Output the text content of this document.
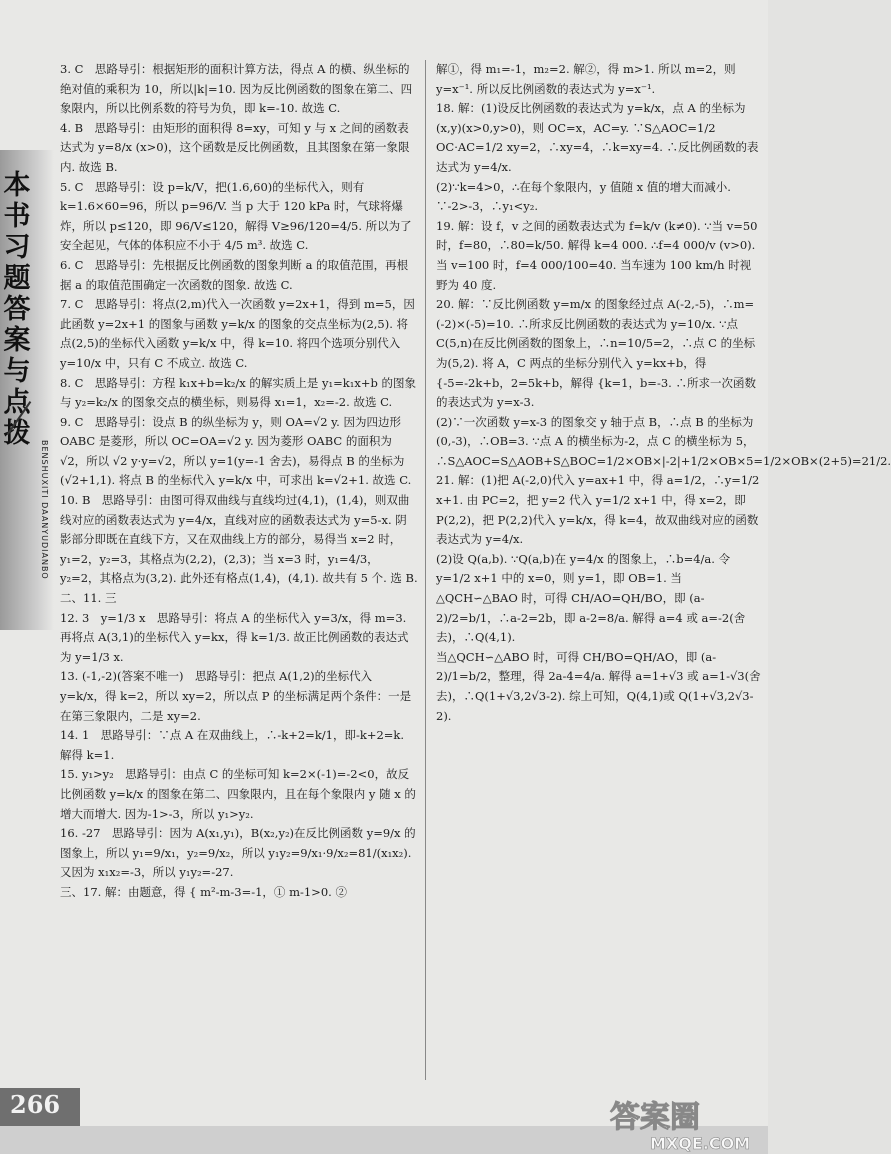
本
书
习
题
答
案
与
点
拨
BENSHUXITI DAANYUDIANBO

3. C　思路导引：根据矩形的面积计算方法，得点 A 的横、纵坐标的绝对值的乘积为 10，所以|k|=10. 因为反比例函数的图象在第二、四象限内，所以比例系数的符号为负，即 k=-10. 故选 C.

4. B　思路导引：由矩形的面积得 8=xy，可知 y 与 x 之间的函数表达式为 y=8/x (x>0)，这个函数是反比例函数，且其图象在第一象限内. 故选 B.

5. C　思路导引：设 p=k/V，把(1.6,60)的坐标代入，则有 k=1.6×60=96，所以 p=96/V. 当 p 大于 120 kPa 时，气球将爆炸，所以 p≤120，即 96/V≤120，解得 V≥96/120=4/5. 所以为了安全起见，气体的体积应不小于 4/5 m³. 故选 C.

6. C　思路导引：先根据反比例函数的图象判断 a 的取值范围，再根据 a 的取值范围确定一次函数的图象. 故选 C.

7. C　思路导引：将点(2,m)代入一次函数 y=2x+1，得到 m=5，因此函数 y=2x+1 的图象与函数 y=k/x 的图象的交点坐标为(2,5). 将点(2,5)的坐标代入函数 y=k/x 中，得 k=10. 将四个选项分别代入 y=10/x 中，只有 C 不成立. 故选 C.

8. C　思路导引：方程 k₁x+b=k₂/x 的解实质上是 y₁=k₁x+b 的图象与 y₂=k₂/x 的图象交点的横坐标，则易得 x₁=1，x₂=-2. 故选 C.

9. C　思路导引：设点 B 的纵坐标为 y，则 OA=√2 y. 因为四边形 OABC 是菱形，所以 OC=OA=√2 y. 因为菱形 OABC 的面积为 √2，所以 √2 y·y=√2，所以 y=1(y=-1 舍去)，易得点 B 的坐标为(√2+1,1). 将点 B 的坐标代入 y=k/x 中，可求出 k=√2+1. 故选 C.

10. B　思路导引：由图可得双曲线与直线均过(4,1)，(1,4)，则双曲线对应的函数表达式为 y=4/x，直线对应的函数表达式为 y=5-x. 阴影部分即既在直线下方，又在双曲线上方的部分，易得当 x=2 时，y₁=2，y₂=3，其格点为(2,2)，(2,3)；当 x=3 时，y₁=4/3，y₂=2，其格点为(3,2). 此外还有格点(1,4)，(4,1). 故共有 5 个. 选 B.

二、11. 三

12. 3　y=1/3 x　思路导引：将点 A 的坐标代入 y=3/x，得 m=3. 再将点 A(3,1)的坐标代入 y=kx，得 k=1/3. 故正比例函数的表达式为 y=1/3 x.

13. (-1,-2)(答案不唯一)　思路导引：把点 A(1,2)的坐标代入 y=k/x，得 k=2，所以 xy=2，所以点 P 的坐标满足两个条件：一是在第三象限内，二是 xy=2.

14. 1　思路导引：∵点 A 在双曲线上，∴-k+2=k/1，即-k+2=k. 解得 k=1.

15. y₁>y₂　思路导引：由点 C 的坐标可知 k=2×(-1)=-2<0，故反比例函数 y=k/x 的图象在第二、四象限内，且在每个象限内 y 随 x 的增大而增大. 因为-1>-3，所以 y₁>y₂.

16. -27　思路导引：因为 A(x₁,y₁)，B(x₂,y₂)在反比例函数 y=9/x 的图象上，所以 y₁=9/x₁，y₂=9/x₂，所以 y₁y₂=9/x₁·9/x₂=81/(x₁x₂). 又因为 x₁x₂=-3，所以 y₁y₂=-27.

三、17. 解：由题意，得 { m²-m-3=-1，① m-1>0. ②

解①，得 m₁=-1，m₂=2. 解②，得 m>1. 所以 m=2，则 y=x⁻¹. 所以反比例函数的表达式为 y=x⁻¹.

18. 解：(1)设反比例函数的表达式为 y=k/x，点 A 的坐标为(x,y)(x>0,y>0)，则 OC=x，AC=y. ∵S△AOC=1/2 OC·AC=1/2 xy=2，∴xy=4，∴k=xy=4. ∴反比例函数的表达式为 y=4/x.

(2)∵k=4>0，∴在每个象限内，y 值随 x 值的增大而减小. ∵-2>-3，∴y₁<y₂.

19. 解：设 f，v 之间的函数表达式为 f=k/v (k≠0). ∵当 v=50 时，f=80，∴80=k/50. 解得 k=4 000. ∴f=4 000/v (v>0). 当 v=100 时，f=4 000/100=40. 当车速为 100 km/h 时视野为 40 度.

20. 解：∵反比例函数 y=m/x 的图象经过点 A(-2,-5)，∴m=(-2)×(-5)=10. ∴所求反比例函数的表达式为 y=10/x. ∵点 C(5,n)在反比例函数的图象上，∴n=10/5=2，∴点 C 的坐标为(5,2). 将 A，C 两点的坐标分别代入 y=kx+b，得 {-5=-2k+b，2=5k+b，解得 {k=1，b=-3. ∴所求一次函数的表达式为 y=x-3.

(2)∵一次函数 y=x-3 的图象交 y 轴于点 B，∴点 B 的坐标为(0,-3)，∴OB=3. ∵点 A 的横坐标为-2，点 C 的横坐标为 5，∴S△AOC=S△AOB+S△BOC=1/2×OB×|-2|+1/2×OB×5=1/2×OB×(2+5)=21/2.

21. 解：(1)把 A(-2,0)代入 y=ax+1 中，得 a=1/2，∴y=1/2 x+1. 由 PC=2，把 y=2 代入 y=1/2 x+1 中，得 x=2，即 P(2,2)，把 P(2,2)代入 y=k/x，得 k=4，故双曲线对应的函数表达式为 y=4/x.

(2)设 Q(a,b). ∵Q(a,b)在 y=4/x 的图象上，∴b=4/a. 令 y=1/2 x+1 中的 x=0，则 y=1，即 OB=1. 当△QCH∽△BAO 时，可得 CH/AO=QH/BO，即 (a-2)/2=b/1，∴a-2=2b，即 a-2=8/a. 解得 a=4 或 a=-2(舍去)，∴Q(4,1).

当△QCH∽△ABO 时，可得 CH/BO=QH/AO，即 (a-2)/1=b/2，整理，得 2a-4=4/a. 解得 a=1+√3 或 a=1-√3(舍去)，∴Q(1+√3,2√3-2). 综上可知，Q(4,1)或 Q(1+√3,2√3-2).

266	答案圈
MXQE.COM
